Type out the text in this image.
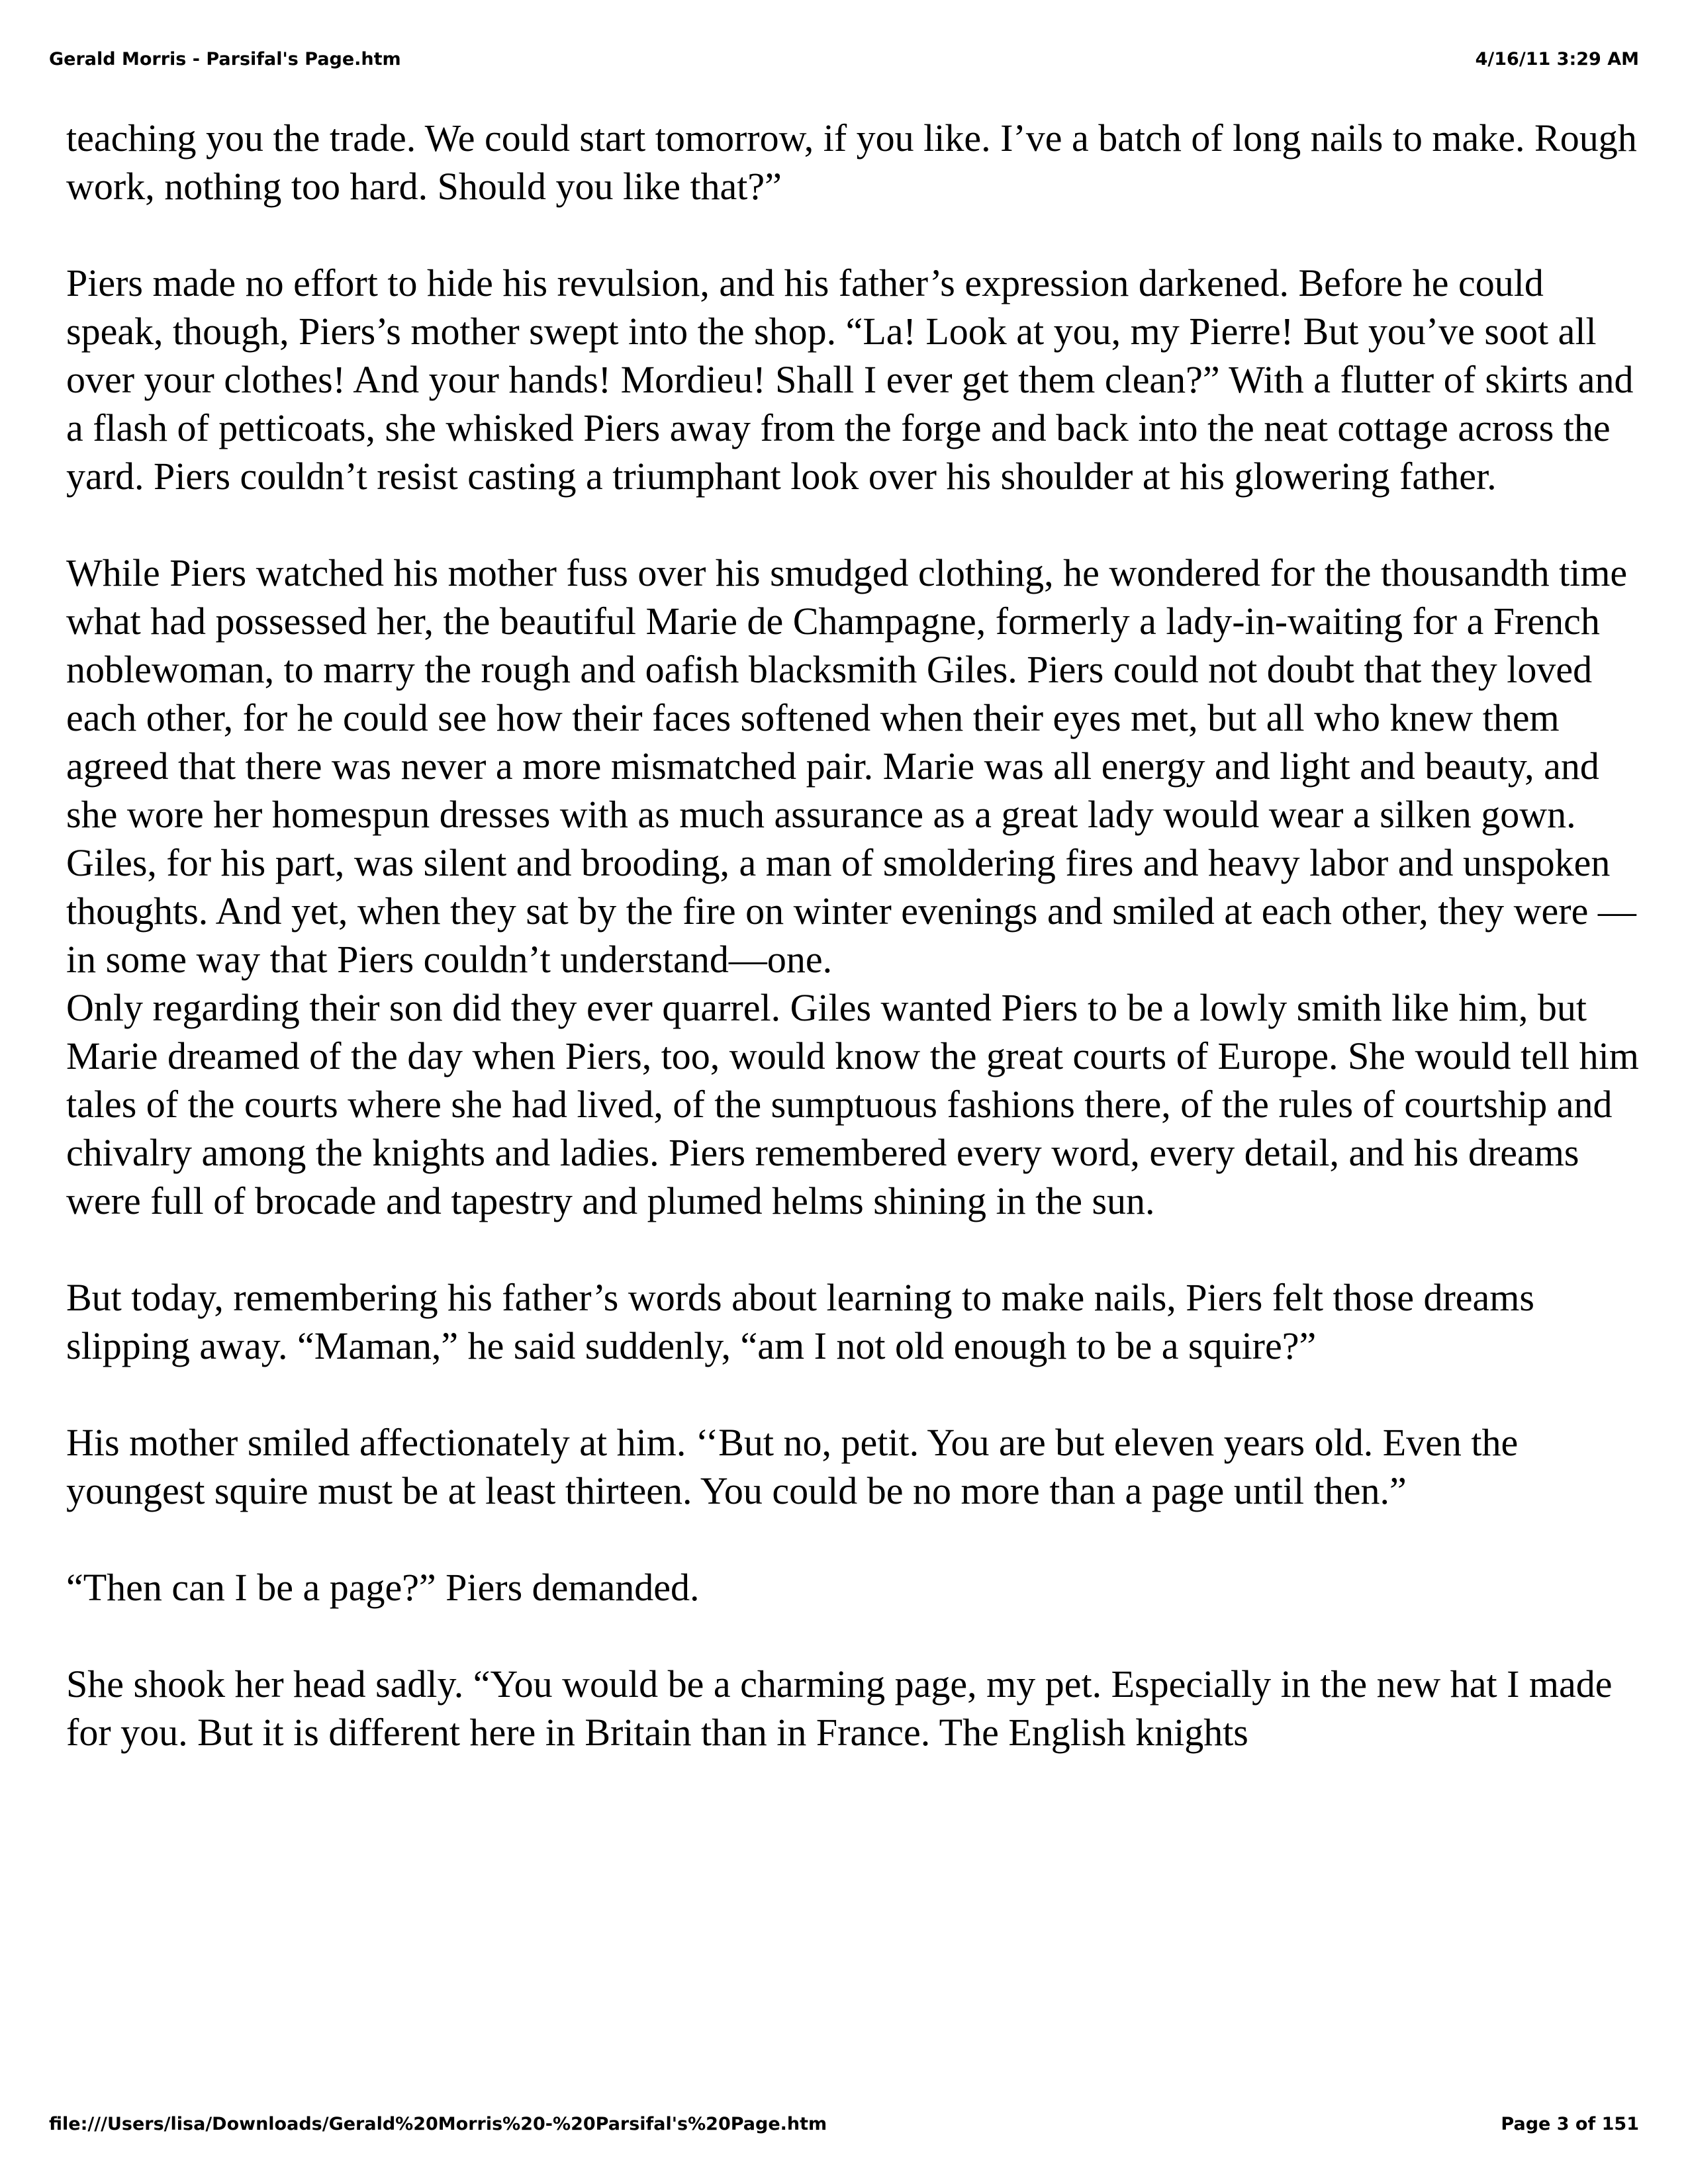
Gerald Morris - Parsifal's Page.htm	4/16/11 3:29 AM

teaching you the trade. We could start tomorrow, if you like. I’ve a batch of long nails to make. Rough work, nothing too hard. Should you like that?”

Piers made no effort to hide his revulsion, and his father’s expression darkened. Before he could speak, though, Piers’s mother swept into the shop. “La! Look at you, my Pierre! But you’ve soot all over your clothes! And your hands! Mordieu! Shall I ever get them clean?” With a flutter of skirts and a flash of petticoats, she whisked Piers away from the forge and back into the neat cottage across the yard. Piers couldn’t resist casting a triumphant look over his shoulder at his glowering father.

While Piers watched his mother fuss over his smudged clothing, he wondered for the thousandth time what had possessed her, the beautiful Marie de Champagne, formerly a lady-in-waiting for a French noblewoman, to marry the rough and oafish blacksmith Giles. Piers could not doubt that they loved each other, for he could see how their faces softened when their eyes met, but all who knew them agreed that there was never a more mismatched pair. Marie was all energy and light and beauty, and she wore her homespun dresses with as much assurance as a great lady would wear a silken gown. Giles, for his part, was silent and brooding, a man of smoldering fires and heavy labor and unspoken thoughts. And yet, when they sat by the fire on winter evenings and smiled at each other, they were — in some way that Piers couldn’t understand—one.

Only regarding their son did they ever quarrel. Giles wanted Piers to be a lowly smith like him, but Marie dreamed of the day when Piers, too, would know the great courts of Europe. She would tell him tales of the courts where she had lived, of the sumptuous fashions there, of the rules of courtship and chivalry among the knights and ladies. Piers remembered every word, every detail, and his dreams were full of brocade and tapestry and plumed helms shining in the sun.

But today, remembering his father’s words about learning to make nails, Piers felt those dreams slipping away. “Maman,” he said suddenly, “am I not old enough to be a squire?”

His mother smiled affectionately at him. ‘‘But no, petit. You are but eleven years old. Even the youngest squire must be at least thirteen. You could be no more than a page until then.”

“Then can I be a page?” Piers demanded.

She shook her head sadly. “You would be a charming page, my pet. Especially in the new hat I made for you. But it is different here in Britain than in France. The English knights

file:///Users/lisa/Downloads/Gerald%20Morris%20-%20Parsifal's%20Page.htm	Page 3 of 151
